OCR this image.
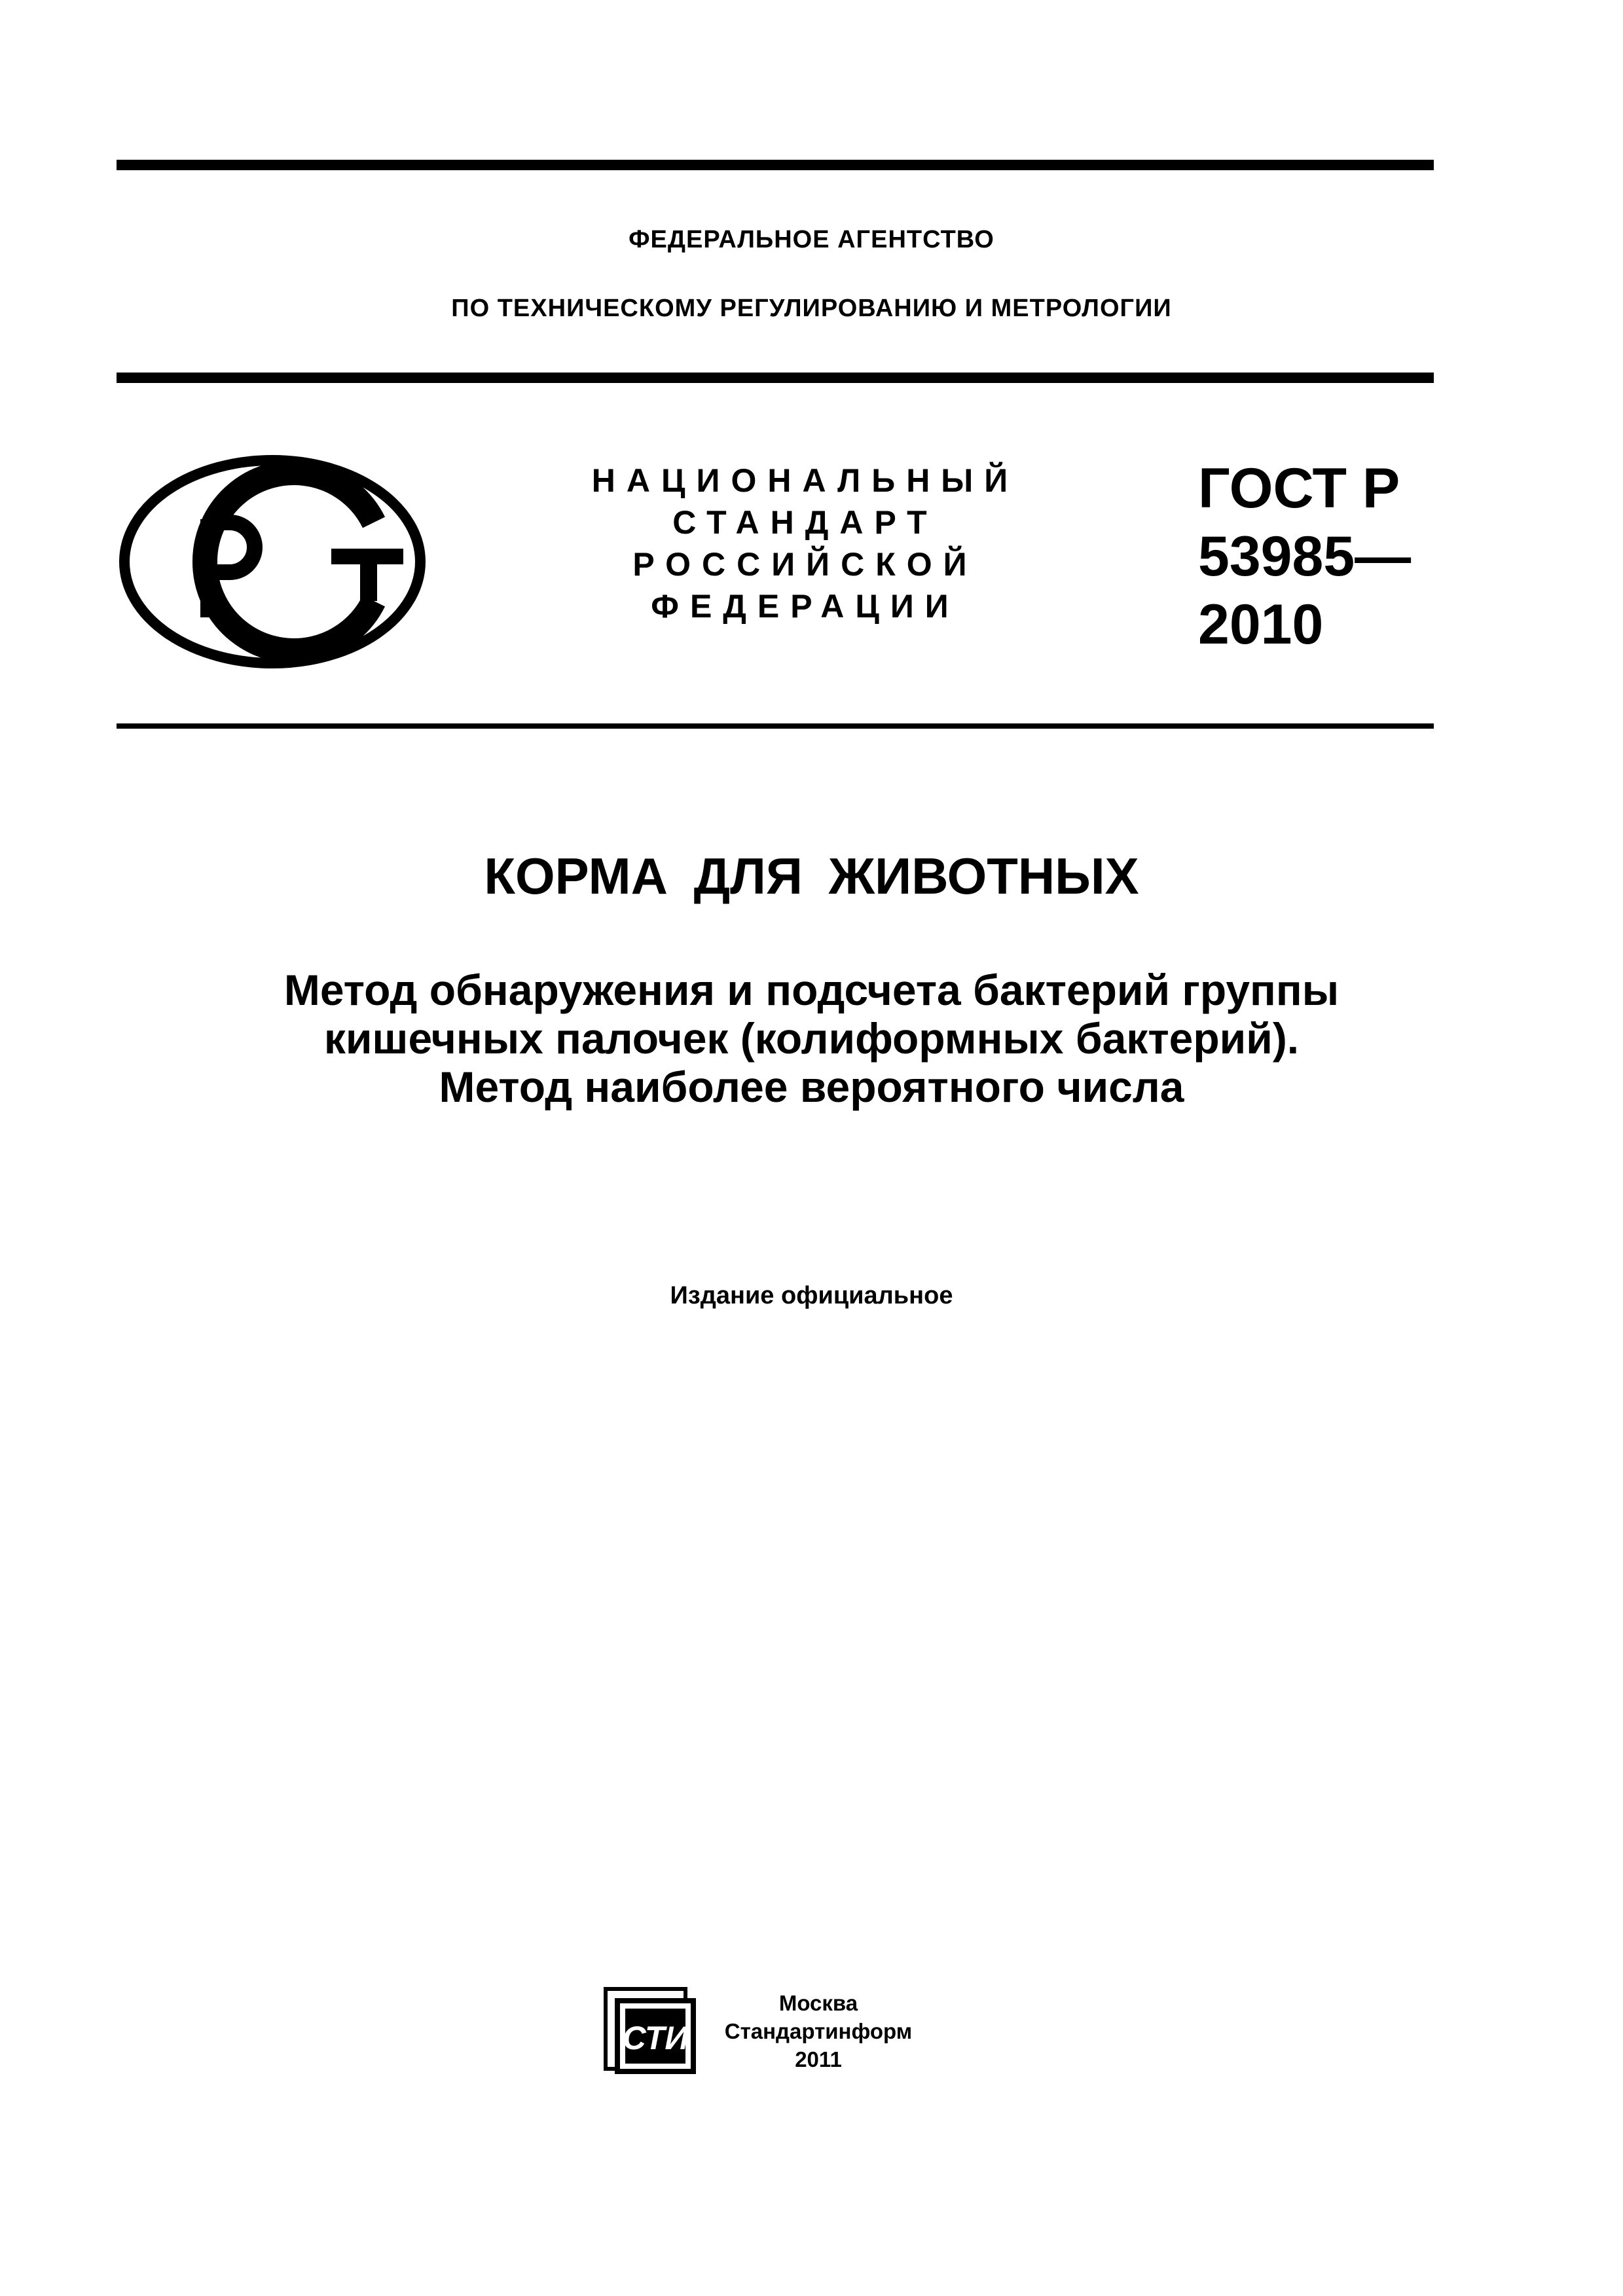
ФЕДЕРАЛЬНОЕ АГЕНТСТВО
ПО ТЕХНИЧЕСКОМУ РЕГУЛИРОВАНИЮ И МЕТРОЛОГИИ
НАЦИОНАЛЬНЫЙ
СТАНДАРТ
РОССИЙСКОЙ
ФЕДЕРАЦИИ
ГОСТ Р
53985—
2010
КОРМА ДЛЯ ЖИВОТНЫХ
Метод обнаружения и подсчета бактерий группы
кишечных палочек (колиформных бактерий).
Метод наиболее вероятного числа
Издание официальное
СТИ
Москва
Стандартинформ
2011
